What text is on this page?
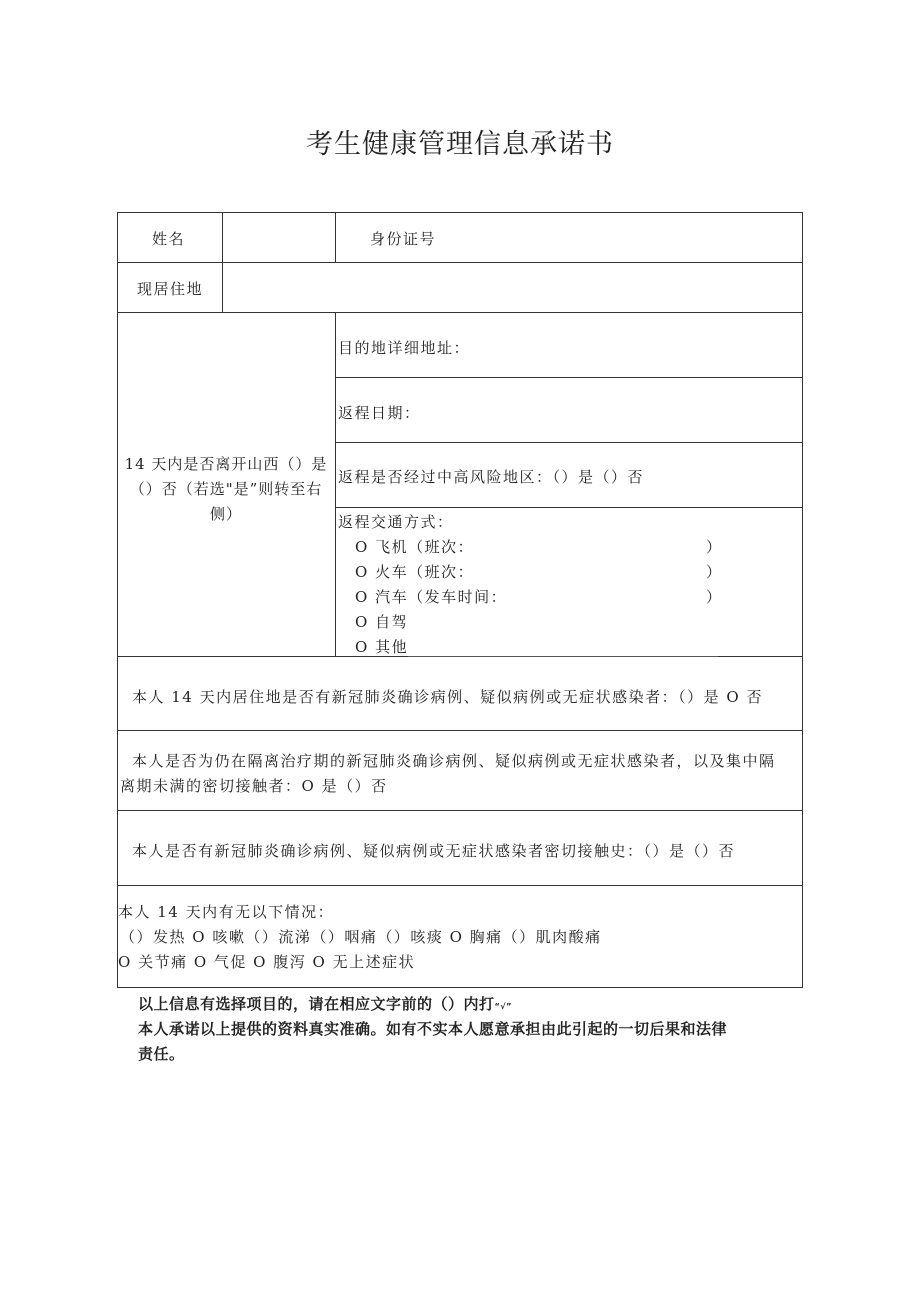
考生健康管理信息承诺书
姓名	身份证号
现居住地
14 天内是否离开山西（）是
（）否（若选"是”则转至右
侧）
目的地详细地址：
返程日期：
返程是否经过中高风险地区：（）是（）否
返程交通方式：
O 飞机（班次：	）
O 火车（班次：	）
O 汽车（发车时间：	）
O 自驾
O 其他
本人 14 天内居住地是否有新冠肺炎确诊病例、疑似病例或无症状感染者：（）是 O 否
本人是否为仍在隔离治疗期的新冠肺炎确诊病例、疑似病例或无症状感染者，以及集中隔
离期未满的密切接触者：O 是（）否
本人是否有新冠肺炎确诊病例、疑似病例或无症状感染者密切接触史：（）是（）否
本人 14 天内有无以下情况：
（）发热 O 咳嗽（）流涕（）咽痛（）咳痰 O 胸痛（）肌肉酸痛
O 关节痛 O 气促 O 腹泻 O 无上述症状
以上信息有选择项目的，请在相应文字前的（）内打“√”
本人承诺以上提供的资料真实准确。如有不实本人愿意承担由此引起的一切后果和法律
责任。
